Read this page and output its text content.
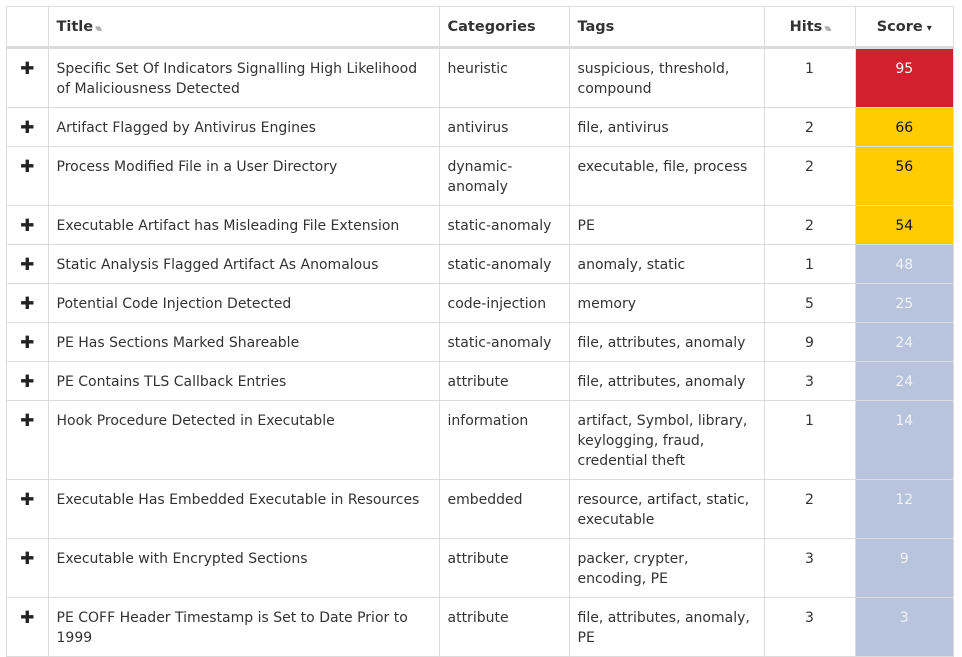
	Title ▾▴	Categories	Tags	Hits ▾▴	Score ▾
✚	Specific Set Of Indicators Signalling High Likelihood of Maliciousness Detected	heuristic	suspicious, threshold, compound	1	95
✚	Artifact Flagged by Antivirus Engines	antivirus	file, antivirus	2	66
✚	Process Modified File in a User Directory	dynamic-anomaly	executable, file, process	2	56
✚	Executable Artifact has Misleading File Extension	static-anomaly	PE	2	54
✚	Static Analysis Flagged Artifact As Anomalous	static-anomaly	anomaly, static	1	48
✚	Potential Code Injection Detected	code-injection	memory	5	25
✚	PE Has Sections Marked Shareable	static-anomaly	file, attributes, anomaly	9	24
✚	PE Contains TLS Callback Entries	attribute	file, attributes, anomaly	3	24
✚	Hook Procedure Detected in Executable	information	artifact, Symbol, library, keylogging, fraud, credential theft	1	14
✚	Executable Has Embedded Executable in Resources	embedded	resource, artifact, static, executable	2	12
✚	Executable with Encrypted Sections	attribute	packer, crypter, encoding, PE	3	9
✚	PE COFF Header Timestamp is Set to Date Prior to 1999	attribute	file, attributes, anomaly, PE	3	3
